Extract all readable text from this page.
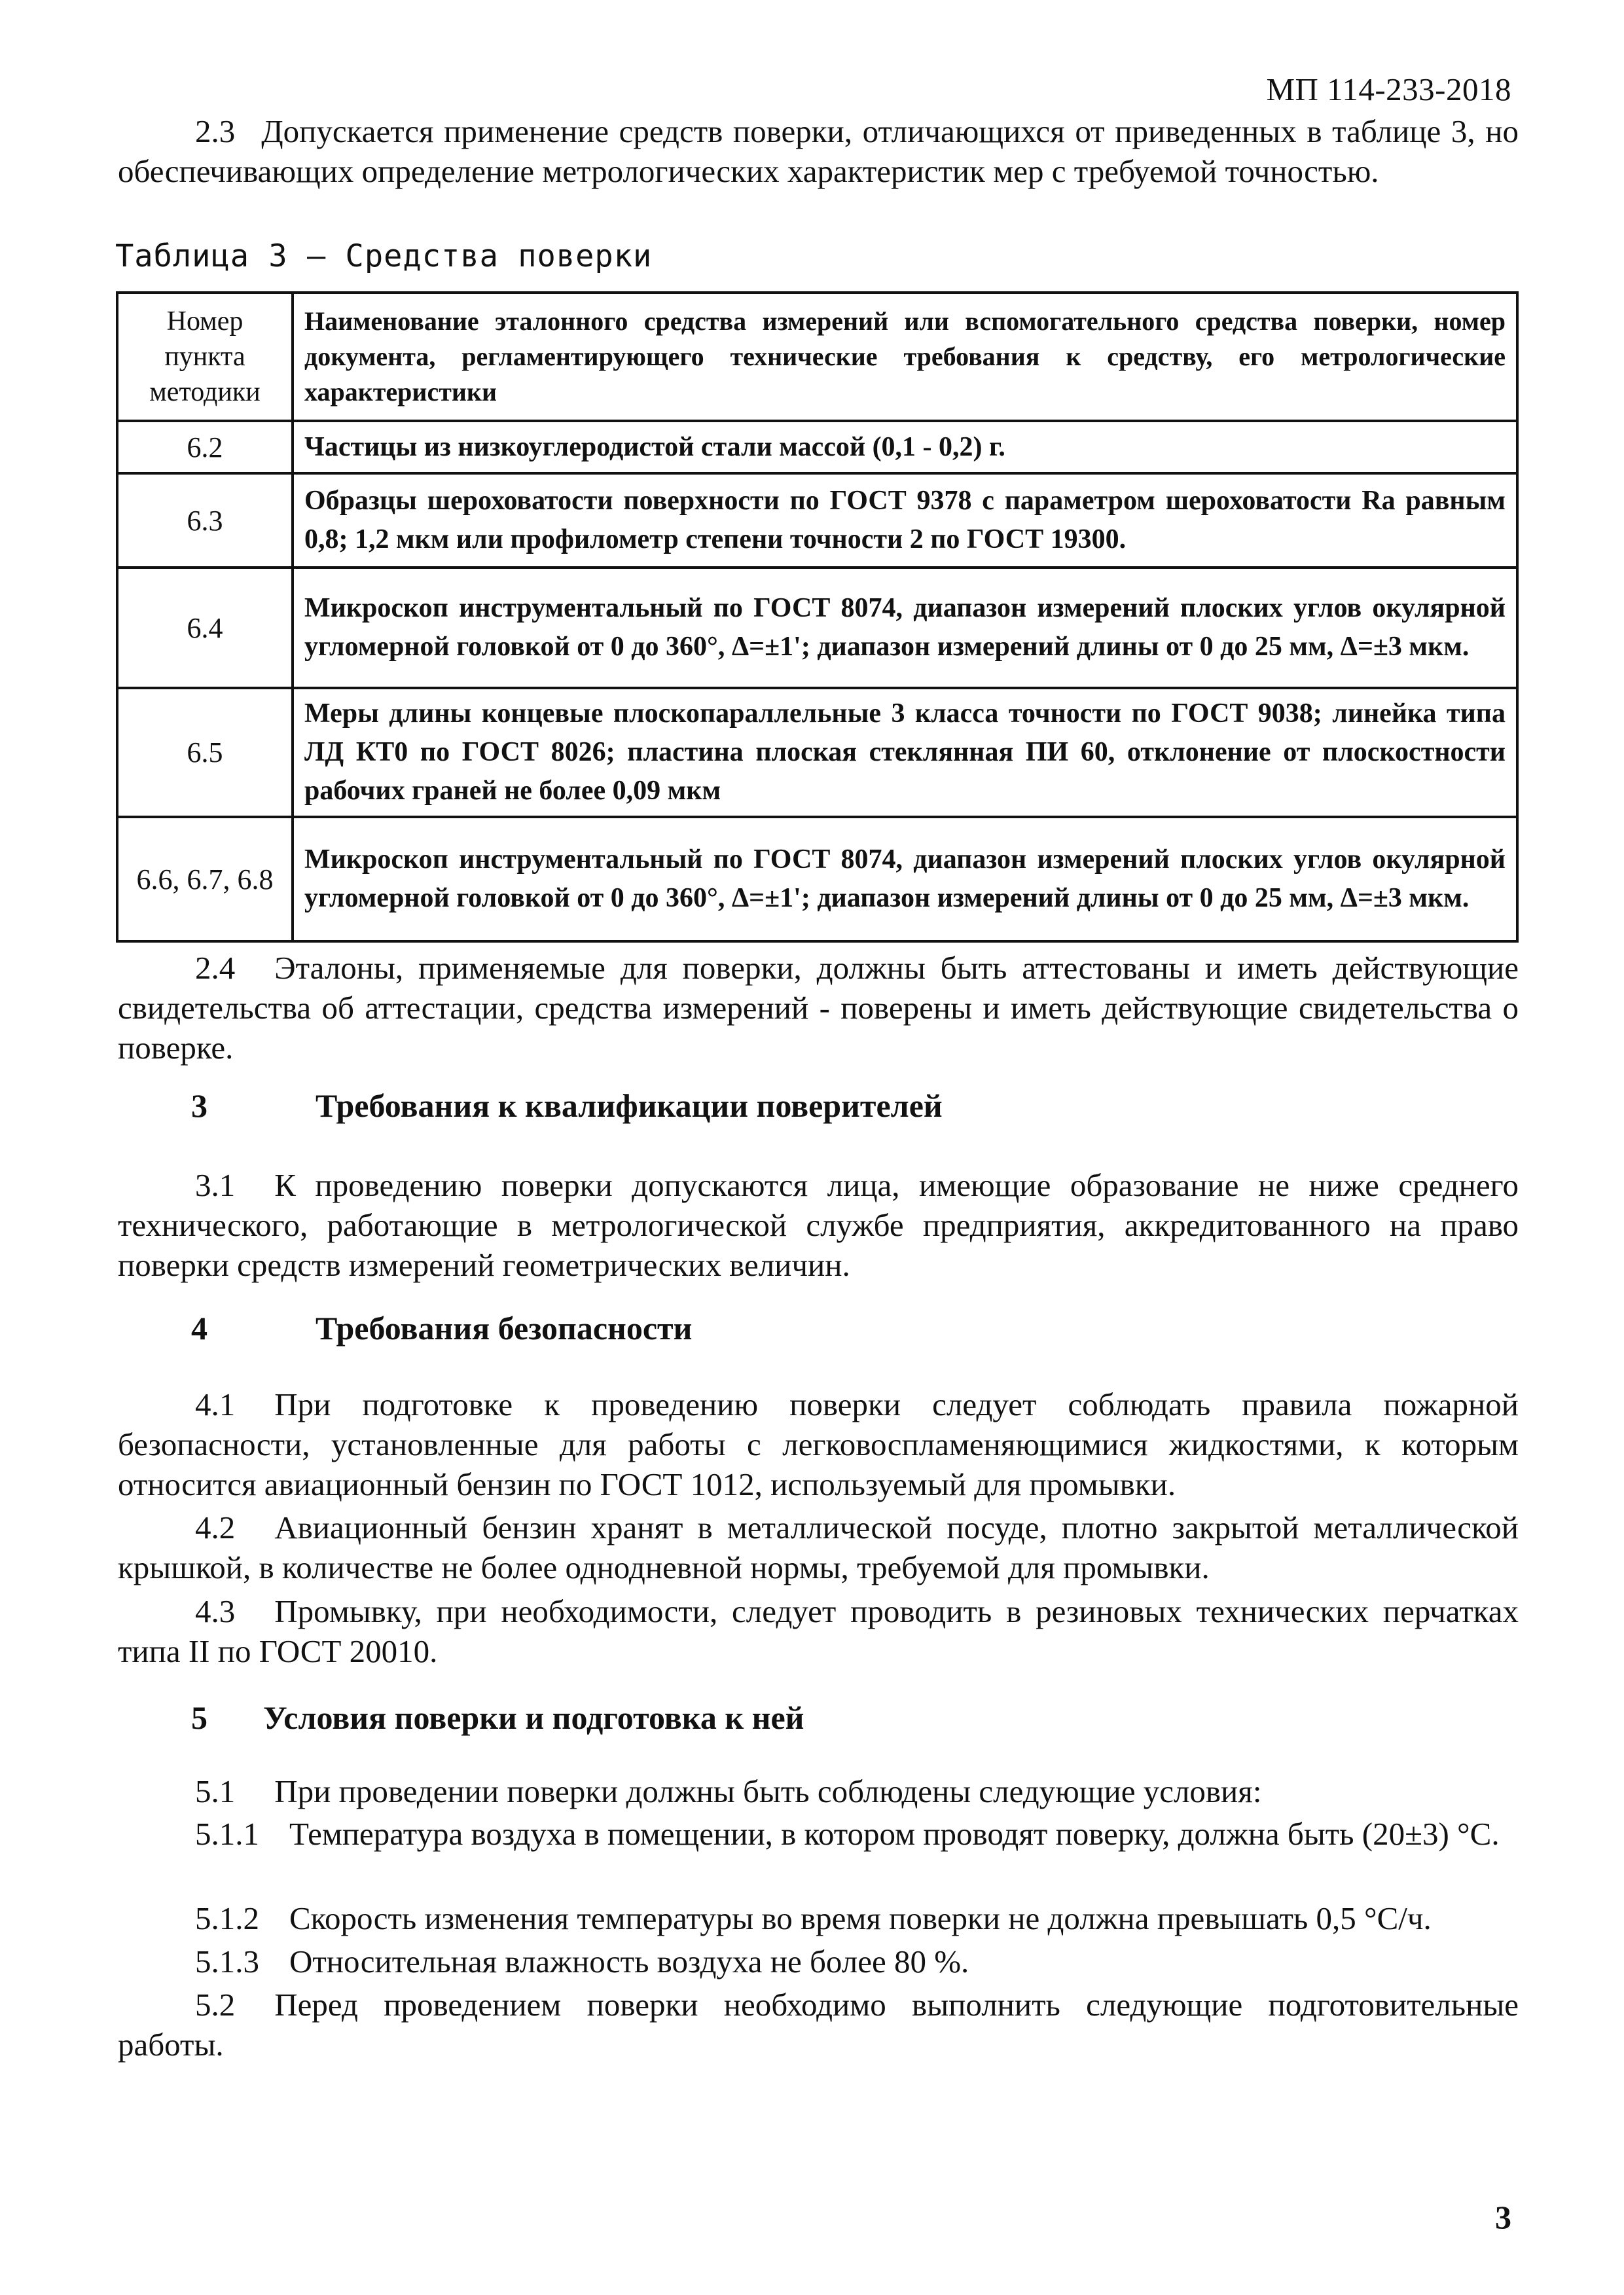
МП 114-233-2018
2.3 Допускается применение средств поверки, отличающихся от приведенных в таблице 3, но обеспечивающих определение метрологических характеристик мер с требуемой точностью.
Таблица 3 – Средства поверки
Номер пункта методики	Наименование эталонного средства измерений или вспомогательного средства поверки, номер документа, регламентирующего технические требования к средству, его метрологические характеристики
6.2	Частицы из низкоуглеродистой стали массой (0,1 - 0,2) г.
6.3	Образцы шероховатости поверхности по ГОСТ 9378 с параметром шероховатости Ra равным 0,8; 1,2 мкм или профилометр степени точности 2 по ГОСТ 19300.
6.4	Микроскоп инструментальный по ГОСТ 8074, диапазон измерений плоских углов окулярной угломерной головкой от 0 до 360°, Δ=±1'; диапазон измерений длины от 0 до 25 мм, Δ=±3 мкм.
6.5	Меры длины концевые плоскопараллельные 3 класса точности по ГОСТ 9038; линейка типа ЛД КТ0 по ГОСТ 8026; пластина плоская стеклянная ПИ 60, отклонение от плоскостности рабочих граней не более 0,09 мкм
6.6, 6.7, 6.8	Микроскоп инструментальный по ГОСТ 8074, диапазон измерений плоских углов окулярной угломерной головкой от 0 до 360°, Δ=±1'; диапазон измерений длины от 0 до 25 мм, Δ=±3 мкм.
2.4 Эталоны, применяемые для поверки, должны быть аттестованы и иметь действующие свидетельства об аттестации, средства измерений - поверены и иметь действующие свидетельства о поверке.
3	Требования к квалификации поверителей
3.1 К проведению поверки допускаются лица, имеющие образование не ниже среднего технического, работающие в метрологической службе предприятия, аккредитованного на право поверки средств измерений геометрических величин.
4	Требования безопасности
4.1 При подготовке к проведению поверки следует соблюдать правила пожарной безопасности, установленные для работы с легковоспламеняющимися жидкостями, к которым относится авиационный бензин по ГОСТ 1012, используемый для промывки.
4.2 Авиационный бензин хранят в металлической посуде, плотно закрытой металлической крышкой, в количестве не более однодневной нормы, требуемой для промывки.
4.3 Промывку, при необходимости, следует проводить в резиновых технических перчатках типа II по ГОСТ 20010.
5 Условия поверки и подготовка к ней
5.1 При проведении поверки должны быть соблюдены следующие условия:
5.1.1 Температура воздуха в помещении, в котором проводят поверку, должна быть (20±3) °С.
5.1.2 Скорость изменения температуры во время поверки не должна превышать 0,5 °С/ч.
5.1.3 Относительная влажность воздуха не более 80 %.
5.2 Перед проведением поверки необходимо выполнить следующие подготовительные работы.
3
